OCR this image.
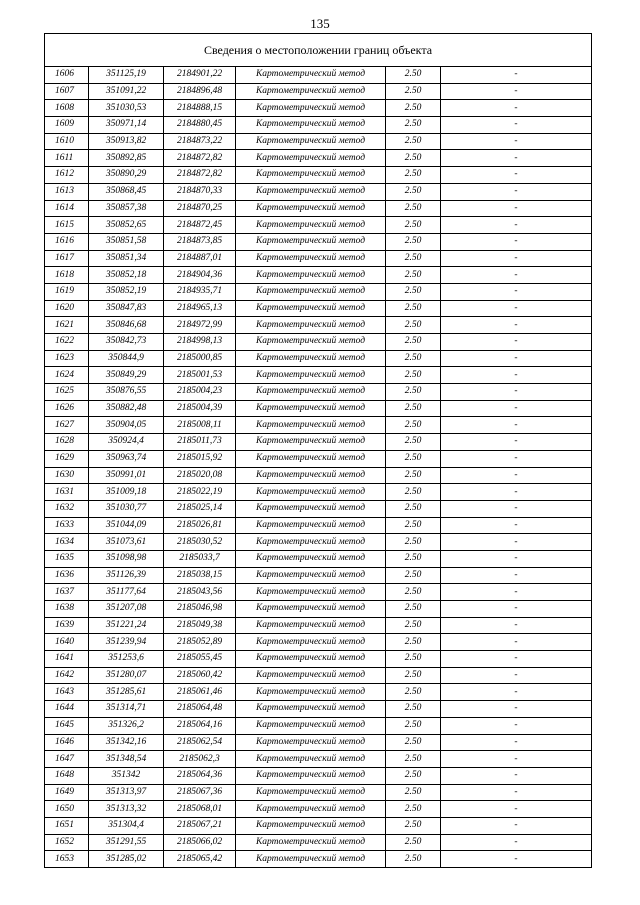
135
Сведения о местоположении границ объекта					
1606	351125,19	2184901,22	Картометрический метод	2.50	-
1607	351091,22	2184896,48	Картометрический метод	2.50	-
1608	351030,53	2184888,15	Картометрический метод	2.50	-
1609	350971,14	2184880,45	Картометрический метод	2.50	-
1610	350913,82	2184873,22	Картометрический метод	2.50	-
1611	350892,85	2184872,82	Картометрический метод	2.50	-
1612	350890,29	2184872,82	Картометрический метод	2.50	-
1613	350868,45	2184870,33	Картометрический метод	2.50	-
1614	350857,38	2184870,25	Картометрический метод	2.50	-
1615	350852,65	2184872,45	Картометрический метод	2.50	-
1616	350851,58	2184873,85	Картометрический метод	2.50	-
1617	350851,34	2184887,01	Картометрический метод	2.50	-
1618	350852,18	2184904,36	Картометрический метод	2.50	-
1619	350852,19	2184935,71	Картометрический метод	2.50	-
1620	350847,83	2184965,13	Картометрический метод	2.50	-
1621	350846,68	2184972,99	Картометрический метод	2.50	-
1622	350842,73	2184998,13	Картометрический метод	2.50	-
1623	350844,9	2185000,85	Картометрический метод	2.50	-
1624	350849,29	2185001,53	Картометрический метод	2.50	-
1625	350876,55	2185004,23	Картометрический метод	2.50	-
1626	350882,48	2185004,39	Картометрический метод	2.50	-
1627	350904,05	2185008,11	Картометрический метод	2.50	-
1628	350924,4	2185011,73	Картометрический метод	2.50	-
1629	350963,74	2185015,92	Картометрический метод	2.50	-
1630	350991,01	2185020,08	Картометрический метод	2.50	-
1631	351009,18	2185022,19	Картометрический метод	2.50	-
1632	351030,77	2185025,14	Картометрический метод	2.50	-
1633	351044,09	2185026,81	Картометрический метод	2.50	-
1634	351073,61	2185030,52	Картометрический метод	2.50	-
1635	351098,98	2185033,7	Картометрический метод	2.50	-
1636	351126,39	2185038,15	Картометрический метод	2.50	-
1637	351177,64	2185043,56	Картометрический метод	2.50	-
1638	351207,08	2185046,98	Картометрический метод	2.50	-
1639	351221,24	2185049,38	Картометрический метод	2.50	-
1640	351239,94	2185052,89	Картометрический метод	2.50	-
1641	351253,6	2185055,45	Картометрический метод	2.50	-
1642	351280,07	2185060,42	Картометрический метод	2.50	-
1643	351285,61	2185061,46	Картометрический метод	2.50	-
1644	351314,71	2185064,48	Картометрический метод	2.50	-
1645	351326,2	2185064,16	Картометрический метод	2.50	-
1646	351342,16	2185062,54	Картометрический метод	2.50	-
1647	351348,54	2185062,3	Картометрический метод	2.50	-
1648	351342	2185064,36	Картометрический метод	2.50	-
1649	351313,97	2185067,36	Картометрический метод	2.50	-
1650	351313,32	2185068,01	Картометрический метод	2.50	-
1651	351304,4	2185067,21	Картометрический метод	2.50	-
1652	351291,55	2185066,02	Картометрический метод	2.50	-
1653	351285,02	2185065,42	Картометрический метод	2.50	-
